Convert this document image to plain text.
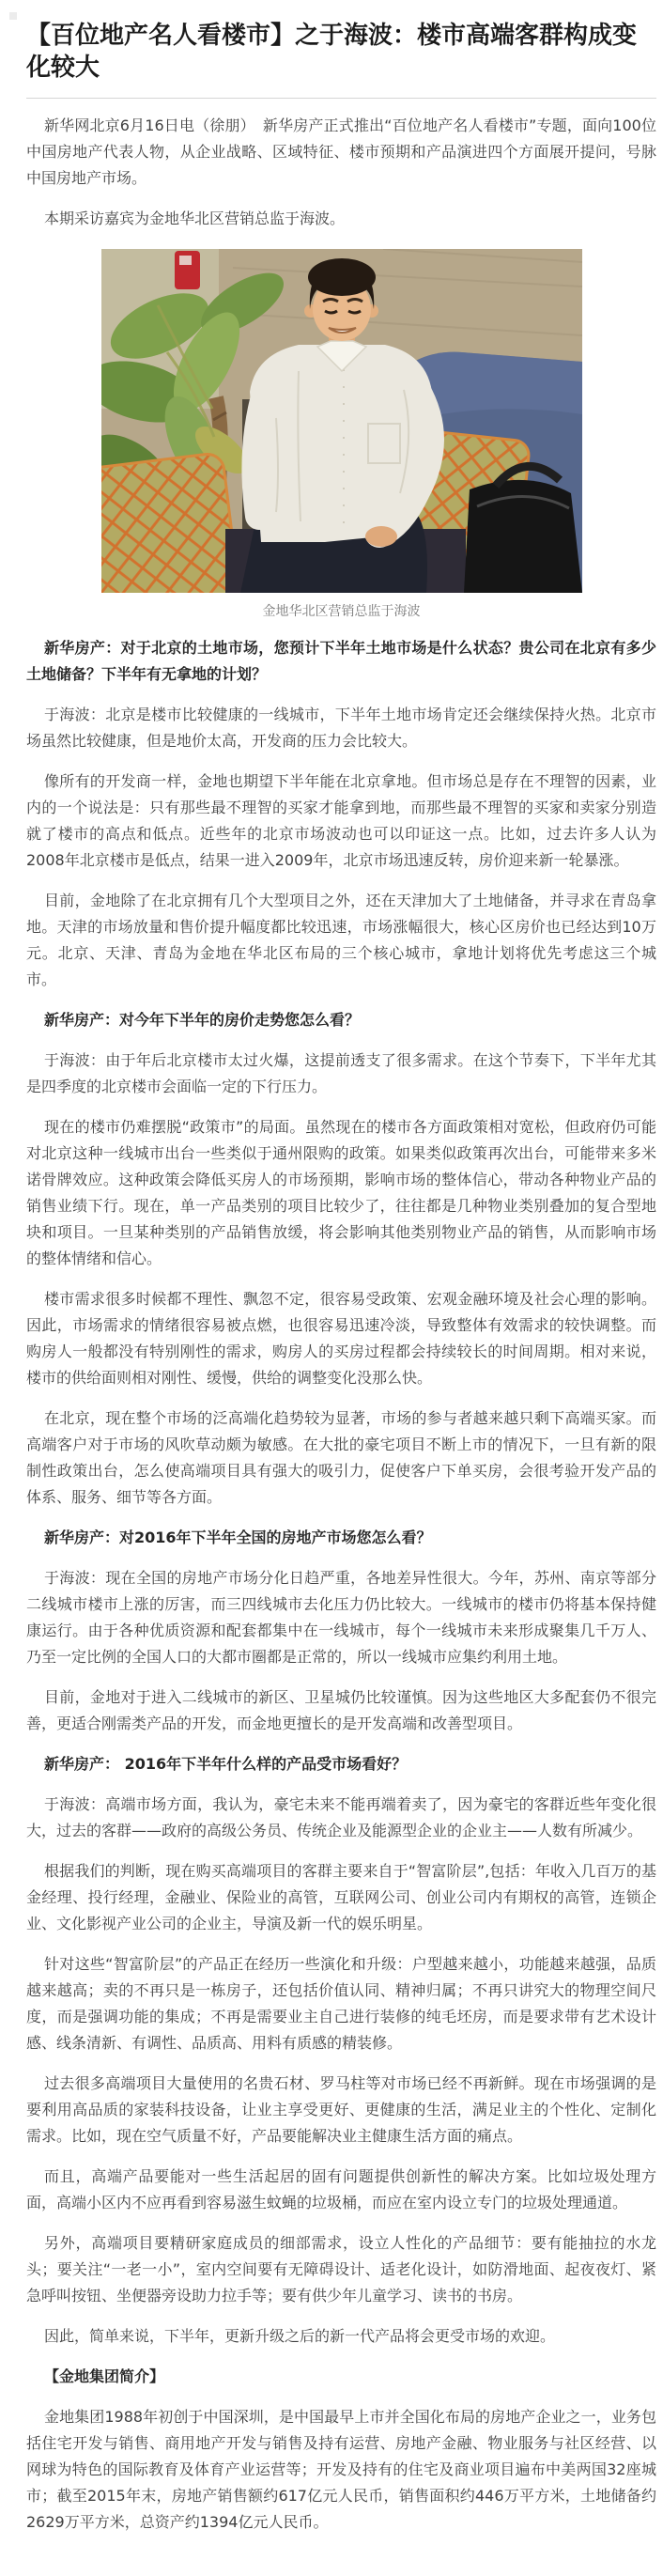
【百位地产名人看楼市】之于海波：楼市高端客群构成变化较大

新华网北京6月16日电（徐朋）　新华房产正式推出“百位地产名人看楼市”专题，面向100位中国房地产代表人物，从企业战略、区域特征、楼市预期和产品演进四个方面展开提问，号脉中国房地产市场。

本期采访嘉宾为金地华北区营销总监于海波。

金地华北区营销总监于海波

新华房产：对于北京的土地市场，您预计下半年土地市场是什么状态？贵公司在北京有多少土地储备？下半年有无拿地的计划？

于海波：北京是楼市比较健康的一线城市，下半年土地市场肯定还会继续保持火热。北京市场虽然比较健康，但是地价太高，开发商的压力会比较大。

像所有的开发商一样，金地也期望下半年能在北京拿地。但市场总是存在不理智的因素，业内的一个说法是：只有那些最不理智的买家才能拿到地，而那些最不理智的买家和卖家分别造就了楼市的高点和低点。近些年的北京市场波动也可以印证这一点。比如，过去许多人认为2008年北京楼市是低点，结果一进入2009年，北京市场迅速反转，房价迎来新一轮暴涨。

目前，金地除了在北京拥有几个大型项目之外，还在天津加大了土地储备，并寻求在青岛拿地。天津的市场放量和售价提升幅度都比较迅速，市场涨幅很大，核心区房价也已经达到10万元。北京、天津、青岛为金地在华北区布局的三个核心城市，拿地计划将优先考虑这三个城市。

新华房产：对今年下半年的房价走势您怎么看？

于海波：由于年后北京楼市太过火爆，这提前透支了很多需求。在这个节奏下，下半年尤其是四季度的北京楼市会面临一定的下行压力。

现在的楼市仍难摆脱“政策市”的局面。虽然现在的楼市各方面政策相对宽松，但政府仍可能对北京这种一线城市出台一些类似于通州限购的政策。如果类似政策再次出台，可能带来多米诺骨牌效应。这种政策会降低买房人的市场预期，影响市场的整体信心，带动各种物业产品的销售业绩下行。现在，单一产品类别的项目比较少了，往往都是几种物业类别叠加的复合型地块和项目。一旦某种类别的产品销售放缓，将会影响其他类别物业产品的销售，从而影响市场的整体情绪和信心。

楼市需求很多时候都不理性、飘忽不定，很容易受政策、宏观金融环境及社会心理的影响。因此，市场需求的情绪很容易被点燃，也很容易迅速冷淡，导致整体有效需求的较快调整。而购房人一般都没有特别刚性的需求，购房人的买房过程都会持续较长的时间周期。相对来说，楼市的供给面则相对刚性、缓慢，供给的调整变化没那么快。

在北京，现在整个市场的泛高端化趋势较为显著，市场的参与者越来越只剩下高端买家。而高端客户对于市场的风吹草动颇为敏感。在大批的豪宅项目不断上市的情况下，一旦有新的限制性政策出台，怎么使高端项目具有强大的吸引力，促使客户下单买房，会很考验开发产品的体系、服务、细节等各方面。

新华房产：对2016年下半年全国的房地产市场您怎么看？

于海波：现在全国的房地产市场分化日趋严重，各地差异性很大。今年，苏州、南京等部分二线城市楼市上涨的厉害，而三四线城市去化压力仍比较大。一线城市的楼市仍将基本保持健康运行。由于各种优质资源和配套都集中在一线城市，每个一线城市未来形成聚集几千万人、乃至一定比例的全国人口的大都市圈都是正常的，所以一线城市应集约利用土地。

目前，金地对于进入二线城市的新区、卫星城仍比较谨慎。因为这些地区大多配套仍不很完善，更适合刚需类产品的开发，而金地更擅长的是开发高端和改善型项目。

新华房产： 2016年下半年什么样的产品受市场看好？

于海波：高端市场方面，我认为，豪宅未来不能再端着卖了，因为豪宅的客群近些年变化很大，过去的客群——政府的高级公务员、传统企业及能源型企业的企业主——人数有所减少。

根据我们的判断，现在购买高端项目的客群主要来自于“智富阶层”,包括：年收入几百万的基金经理、投行经理，金融业、保险业的高管，互联网公司、创业公司内有期权的高管，连锁企业、文化影视产业公司的企业主，导演及新一代的娱乐明星。

针对这些“智富阶层”的产品正在经历一些演化和升级：户型越来越小，功能越来越强，品质越来越高；卖的不再只是一栋房子，还包括价值认同、精神归属；不再只讲究大的物理空间尺度，而是强调功能的集成；不再是需要业主自己进行装修的纯毛坯房，而是要求带有艺术设计感、线条清新、有调性、品质高、用料有质感的精装修。

过去很多高端项目大量使用的名贵石材、罗马柱等对市场已经不再新鲜。现在市场强调的是要利用高品质的家装科技设备，让业主享受更好、更健康的生活，满足业主的个性化、定制化需求。比如，现在空气质量不好，产品要能解决业主健康生活方面的痛点。

而且，高端产品要能对一些生活起居的固有问题提供创新性的解决方案。比如垃圾处理方面，高端小区内不应再看到容易滋生蚊蝇的垃圾桶，而应在室内设立专门的垃圾处理通道。

另外，高端项目要精研家庭成员的细部需求，设立人性化的产品细节：要有能抽拉的水龙头；要关注“一老一小”，室内空间要有无障碍设计、适老化设计，如防滑地面、起夜夜灯、紧急呼叫按钮、坐便器旁设助力拉手等；要有供少年儿童学习、读书的书房。

因此，简单来说，下半年，更新升级之后的新一代产品将会更受市场的欢迎。

【金地集团简介】

金地集团1988年初创于中国深圳，是中国最早上市并全国化布局的房地产企业之一，业务包括住宅开发与销售、商用地产开发与销售及持有运营、房地产金融、物业服务与社区经营、以网球为特色的国际教育及体育产业运营等；开发及持有的住宅及商业项目遍布中美两国32座城市；截至2015年末，房地产销售额约617亿元人民币，销售面积约446万平方米，土地储备约2629万平方米，总资产约1394亿元人民币。
